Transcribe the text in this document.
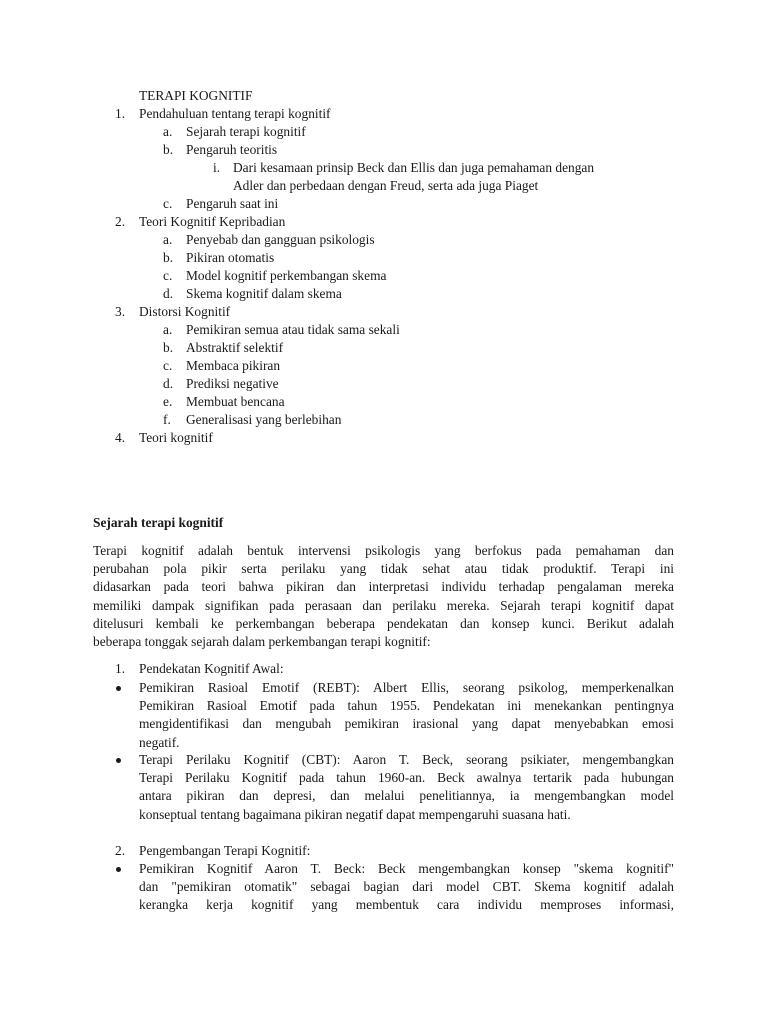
TERAPI KOGNITIF
1. Pendahuluan tentang terapi kognitif
a. Sejarah terapi kognitif
b. Pengaruh teoritis
i. Dari kesamaan prinsip Beck dan Ellis dan juga pemahaman dengan
Adler dan perbedaan dengan Freud, serta ada juga Piaget
c. Pengaruh saat ini
2. Teori Kognitif Kepribadian
a. Penyebab dan gangguan psikologis
b. Pikiran otomatis
c. Model kognitif perkembangan skema
d. Skema kognitif dalam skema
3. Distorsi Kognitif
a. Pemikiran semua atau tidak sama sekali
b. Abstraktif selektif
c. Membaca pikiran
d. Prediksi negative
e. Membuat bencana
f. Generalisasi yang berlebihan
4. Teori kognitif
Sejarah terapi kognitif
Terapi kognitif adalah bentuk intervensi psikologis yang berfokus pada pemahaman dan
perubahan pola pikir serta perilaku yang tidak sehat atau tidak produktif. Terapi ini
didasarkan pada teori bahwa pikiran dan interpretasi individu terhadap pengalaman mereka
memiliki dampak signifikan pada perasaan dan perilaku mereka. Sejarah terapi kognitif dapat
ditelusuri kembali ke perkembangan beberapa pendekatan dan konsep kunci. Berikut adalah
beberapa tonggak sejarah dalam perkembangan terapi kognitif:
1. Pendekatan Kognitif Awal:
Pemikiran Rasioal Emotif (REBT): Albert Ellis, seorang psikolog, memperkenalkan
Pemikiran Rasioal Emotif pada tahun 1955. Pendekatan ini menekankan pentingnya
mengidentifikasi dan mengubah pemikiran irasional yang dapat menyebabkan emosi
negatif.
Terapi Perilaku Kognitif (CBT): Aaron T. Beck, seorang psikiater, mengembangkan
Terapi Perilaku Kognitif pada tahun 1960-an. Beck awalnya tertarik pada hubungan
antara pikiran dan depresi, dan melalui penelitiannya, ia mengembangkan model
konseptual tentang bagaimana pikiran negatif dapat mempengaruhi suasana hati.
2. Pengembangan Terapi Kognitif:
Pemikiran Kognitif Aaron T. Beck: Beck mengembangkan konsep "skema kognitif"
dan "pemikiran otomatik" sebagai bagian dari model CBT. Skema kognitif adalah
kerangka kerja kognitif yang membentuk cara individu memproses informasi,
